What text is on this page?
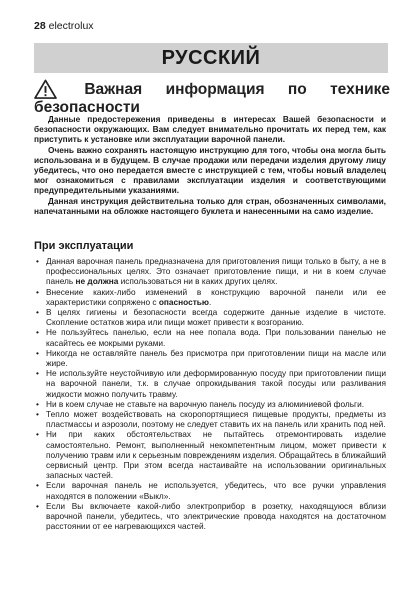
28 electrolux
РУССКИЙ
Важная информация по технике
безопасности

Данные предостережения приведены в интересах Вашей безопасности и безопасности окружающих. Вам следует внимательно прочитать их перед тем, как приступить к установке или эксплуатации варочной панели.

Очень важно сохранять настоящую инструкцию для того, чтобы она могла быть использована и в будущем. В случае продажи или передачи изделия другому лицу убедитесь, что оно передается вместе с инструкцией с тем, чтобы новый владелец мог ознакомиться с правилами эксплуатации изделия и соответствующими предупредительными указаниями.

Данная инструкция действительна только для стран, обозначенных символами, напечатанными на обложке настоящего буклета и нанесенными на само изделие.

При эксплуатации
• Данная варочная панель предназначена для приготовления пищи только в быту, а не в профессиональных целях. Это означает приготовление пищи, и ни в коем случае панель не должна использоваться ни в каких других целях.
• Внесение каких-либо изменений в конструкцию варочной панели или ее характеристики сопряжено с опасностью.
• В целях гигиены и безопасности всегда содержите данные изделие в чистоте. Скопление остатков жира или пищи может привести к возгоранию.
• Не пользуйтесь панелью, если на нее попала вода. При пользовании панелью не касайтесь ее мокрыми руками.
• Никогда не оставляйте панель без присмотра при приготовлении пищи на масле или жире.
• Не используйте неустойчивую или деформированную посуду при приготовлении пищи на варочной панели, т.к. в случае опрокидывания такой посуды или разливания жидкости можно получить травму.
• Ни в коем случае не ставьте на варочную панель посуду из алюминиевой фольги.
• Тепло может воздействовать на скоропортящиеся пищевые продукты, предметы из пластмассы и аэрозоли, поэтому не следует ставить их на панель или хранить под ней.
• Ни при каких обстоятельствах не пытайтесь отремонтировать изделие самостоятельно. Ремонт, выполненный некомпетентным лицом, может привести к получению травм или к серьезным повреждениям изделия. Обращайтесь в ближайший сервисный центр. При этом всегда настаивайте на использовании оригинальных запасных частей.
• Если варочная панель не используется, убедитесь, что все ручки управления находятся в положении «Выкл».
• Если Вы включаете какой-либо электроприбор в розетку, находящуюся вблизи варочной панели, убедитесь, что электрические провода находятся на достаточном расстоянии от ее нагревающихся частей.
